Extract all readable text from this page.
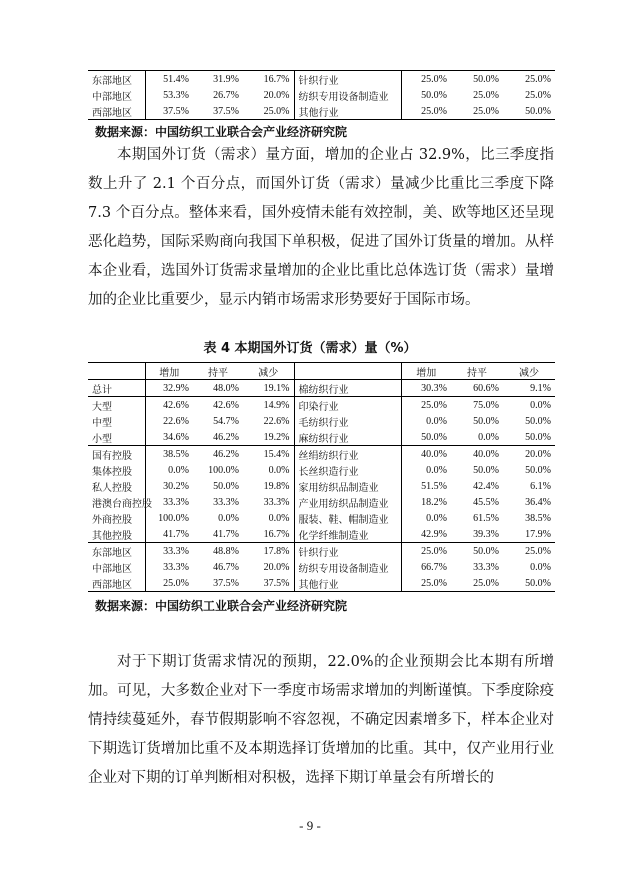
东部地区	51.4%	31.9%	16.7%	针织行业	25.0%	50.0%	25.0%
中部地区	53.3%	26.7%	20.0%	纺织专用设备制造业	50.0%	25.0%	25.0%
西部地区	37.5%	37.5%	25.0%	其他行业	25.0%	25.0%	50.0%
数据来源：中国纺织工业联合会产业经济研究院

本期国外订货（需求）量方面，增加的企业占 32.9%，比三季度指数上升了 2.1 个百分点，而国外订货（需求）量减少比重比三季度下降 7.3 个百分点。整体来看，国外疫情未能有效控制，美、欧等地区还呈现恶化趋势，国际采购商向我国下单积极，促进了国外订货量的增加。从样本企业看，选国外订货需求量增加的企业比重比总体选订货（需求）量增加的企业比重要少，显示内销市场需求形势要好于国际市场。

表 4 本期国外订货（需求）量（%）
	增加	持平	减少		增加	持平	减少
总计	32.9%	48.0%	19.1%	棉纺织行业	30.3%	60.6%	9.1%
大型	42.6%	42.6%	14.9%	印染行业	25.0%	75.0%	0.0%
中型	22.6%	54.7%	22.6%	毛纺织行业	0.0%	50.0%	50.0%
小型	34.6%	46.2%	19.2%	麻纺织行业	50.0%	0.0%	50.0%
国有控股	38.5%	46.2%	15.4%	丝绢纺织行业	40.0%	40.0%	20.0%
集体控股	0.0%	100.0%	0.0%	长丝织造行业	0.0%	50.0%	50.0%
私人控股	30.2%	50.0%	19.8%	家用纺织品制造业	51.5%	42.4%	6.1%
港澳台商控股	33.3%	33.3%	33.3%	产业用纺织品制造业	18.2%	45.5%	36.4%
外商控股	100.0%	0.0%	0.0%	服装、鞋、帽制造业	0.0%	61.5%	38.5%
其他控股	41.7%	41.7%	16.7%	化学纤维制造业	42.9%	39.3%	17.9%
东部地区	33.3%	48.8%	17.8%	针织行业	25.0%	50.0%	25.0%
中部地区	33.3%	46.7%	20.0%	纺织专用设备制造业	66.7%	33.3%	0.0%
西部地区	25.0%	37.5%	37.5%	其他行业	25.0%	25.0%	50.0%
数据来源：中国纺织工业联合会产业经济研究院

对于下期订货需求情况的预期，22.0%的企业预期会比本期有所增加。可见，大多数企业对下一季度市场需求增加的判断谨慎。下季度除疫情持续蔓延外，春节假期影响不容忽视，不确定因素增多下，样本企业对下期选订货增加比重不及本期选择订货增加的比重。其中，仅产业用行业企业对下期的订单判断相对积极，选择下期订单量会有所增长的

- 9 -
